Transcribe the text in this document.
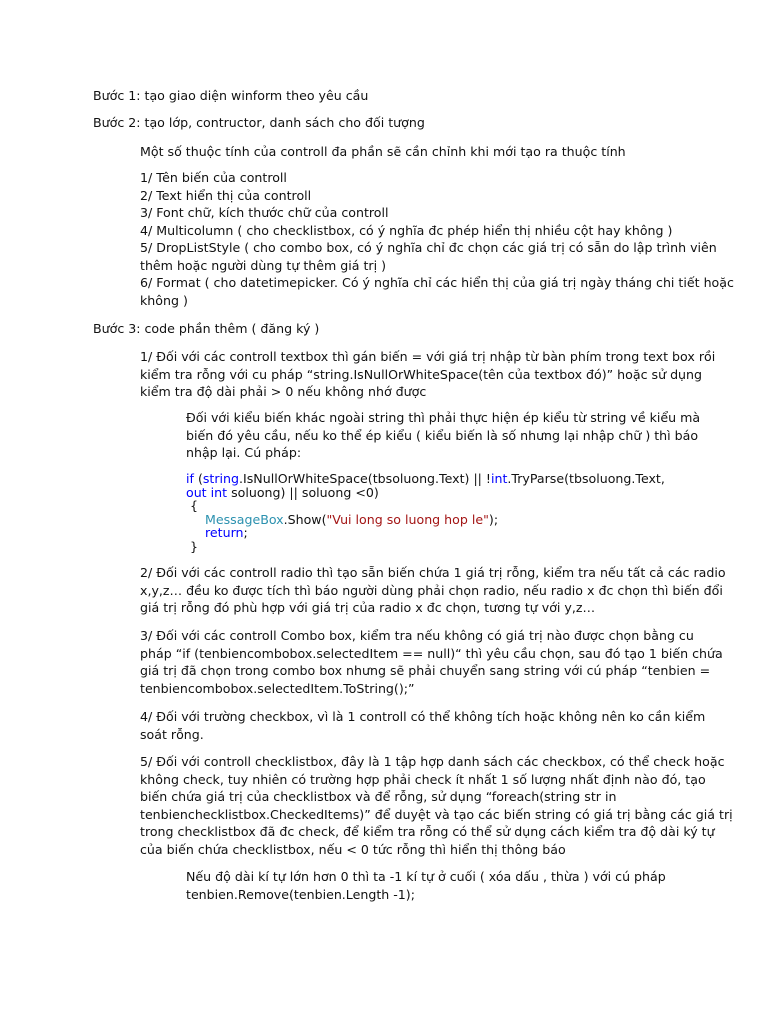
Bước 1: tạo giao diện winform theo yêu cầu
Bước 2: tạo lớp, contructor, danh sách cho đối tượng
Một số thuộc tính của controll đa phần sẽ cần chỉnh khi mới tạo ra thuộc tính
1/ Tên biến của controll
2/ Text hiển thị của controll
3/ Font chữ, kích thước chữ của controll
4/ Multicolumn ( cho checklistbox, có ý nghĩa đc phép hiển thị nhiều cột hay không )
5/ DropListStyle ( cho combo box, có ý nghĩa chỉ đc chọn các giá trị có sẵn do lập trình viên
thêm hoặc người dùng tự thêm giá trị )
6/ Format ( cho datetimepicker. Có ý nghĩa chỉ các hiển thị của giá trị ngày tháng chi tiết hoặc
không )
Bước 3: code phần thêm ( đăng ký )
1/ Đối với các controll textbox thì gán biến = với giá trị nhập từ bàn phím trong text box rồi
kiểm tra rỗng với cu pháp “string.IsNullOrWhiteSpace(tên của textbox đó)” hoặc sử dụng
kiểm tra độ dài phải > 0 nếu không nhớ được
Đối với kiểu biến khác ngoài string thì phải thực hiện ép kiểu từ string về kiểu mà
biến đó yêu cầu, nếu ko thể ép kiểu ( kiểu biến là số nhưng lại nhập chữ ) thì báo
nhập lại. Cú pháp:
if (string.IsNullOrWhiteSpace(tbsoluong.Text) || !int.TryParse(tbsoluong.Text,
out int soluong) || soluong <0)
{
MessageBox.Show("Vui long so luong hop le");
return;
}
2/ Đối với các controll radio thì tạo sẵn biến chứa 1 giá trị rỗng, kiểm tra nếu tất cả các radio
x,y,z… đều ko được tích thì báo người dùng phải chọn radio, nếu radio x đc chọn thì biến đổi
giá trị rỗng đó phù hợp với giá trị của radio x đc chọn, tương tự với y,z…
3/ Đối với các controll Combo box, kiểm tra nếu không có giá trị nào được chọn bằng cu
pháp “if (tenbiencombobox.selectedItem == null)“ thì yêu cầu chọn, sau đó tạo 1 biến chứa
giá trị đã chọn trong combo box nhưng sẽ phải chuyển sang string với cú pháp “tenbien =
tenbiencombobox.selectedItem.ToString();”
4/ Đối với trường checkbox, vì là 1 controll có thể không tích hoặc không nên ko cần kiểm
soát rỗng.
5/ Đối với controll checklistbox, đây là 1 tập hợp danh sách các checkbox, có thể check hoặc
không check, tuy nhiên có trường hợp phải check ít nhất 1 số lượng nhất định nào đó, tạo
biến chứa giá trị của checklistbox và để rỗng, sử dụng “foreach(string str in
tenbienchecklistbox.CheckedItems)” để duyệt và tạo các biến string có giá trị bằng các giá trị
trong checklistbox đã đc check, để kiểm tra rỗng có thể sử dụng cách kiểm tra độ dài ký tự
của biến chứa checklistbox, nếu < 0 tức rỗng thì hiển thị thông báo
Nếu độ dài kí tự lớn hơn 0 thì ta -1 kí tự ở cuối ( xóa dấu , thừa ) với cú pháp
tenbien.Remove(tenbien.Length -1);
